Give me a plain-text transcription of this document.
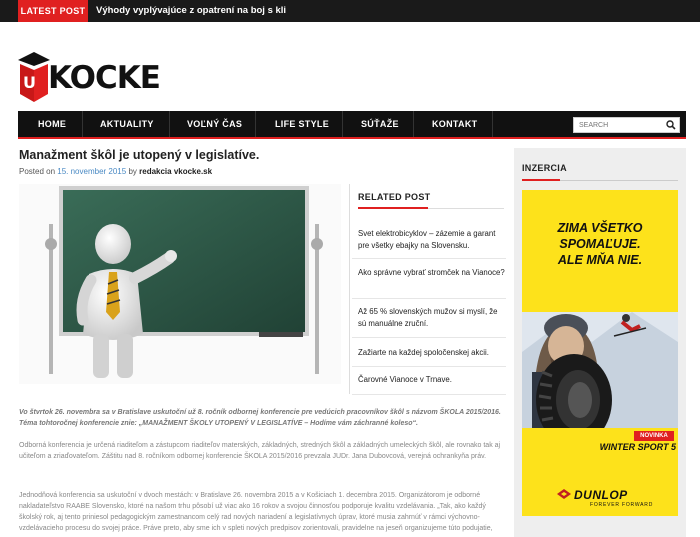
LATEST POST Výhody vyplývajúce z opatrení na boj s kli
U KOCKE
HOME	AKTUALITY	VOĽNÝ ČAS	LIFE STYLE	SÚŤAŽE	KONTAKT
SEARCH
Manažment škôl je utopený v legislatíve.
Posted on 15. november 2015 by redakcia vkocke.sk
RELATED POST
Svet elektrobicyklov – zázemie a garant pre všetky ebajky na Slovensku.
Ako správne vybrať stromček na Vianoce?
Až 65 % slovenských mužov si myslí, že sú manuálne zruční.
Zažiarte na každej spoločenskej akcii.
Čarovné Vianoce v Trnave.
Vo štvrtok 26. novembra sa v Bratislave uskutoční už 8. ročník odbornej konferencie pre vedúcich pracovníkov škôl s názvom ŠKOLA 2015/2016. Téma tohtoročnej konferencie znie: „MANAŽMENT ŠKOLY UTOPENÝ V LEGISLATÍVE – Hodíme vám záchranné koleso“.
Odborná konferencia je určená riaditeľom a zástupcom riaditeľov materských, základných, stredných škôl a základných umeleckých škôl, ale rovnako tak aj učiteľom a zriaďovateľom. Záštitu nad 8. ročníkom odbornej konferencie ŠKOLA 2015/2016 prevzala JUDr. Jana Dubovcová, verejná ochrankyňa práv.
Jednodňová konferencia sa uskutoční v dvoch mestách: v Bratislave 26. novembra 2015 a v Košiciach 1. decembra 2015. Organizátorom je odborné nakladateľstvo RAABE Slovensko, ktoré na našom trhu pôsobí už viac ako 16 rokov a svojou činnosťou podporuje kvalitu vzdelávania. „Tak, ako každý školský rok, aj tento priniesol pedagogickým zamestnancom celý rad nových nariadení a legislatívnych úprav, ktoré musia zahrnúť v rámci výchovno-vzdelávacieho procesu do svojej práce. Práve preto, aby sme ich v spleti nových predpisov zorientovali, pravidelne na jeseň organizujeme túto podujatie,
INZERCIA
ZIMA VŠETKO
SPOMAĽUJE.
ALE MŇA NIE.
NOVINKA
WINTER SPORT 5
DUNLOP
FOREVER FORWARD
